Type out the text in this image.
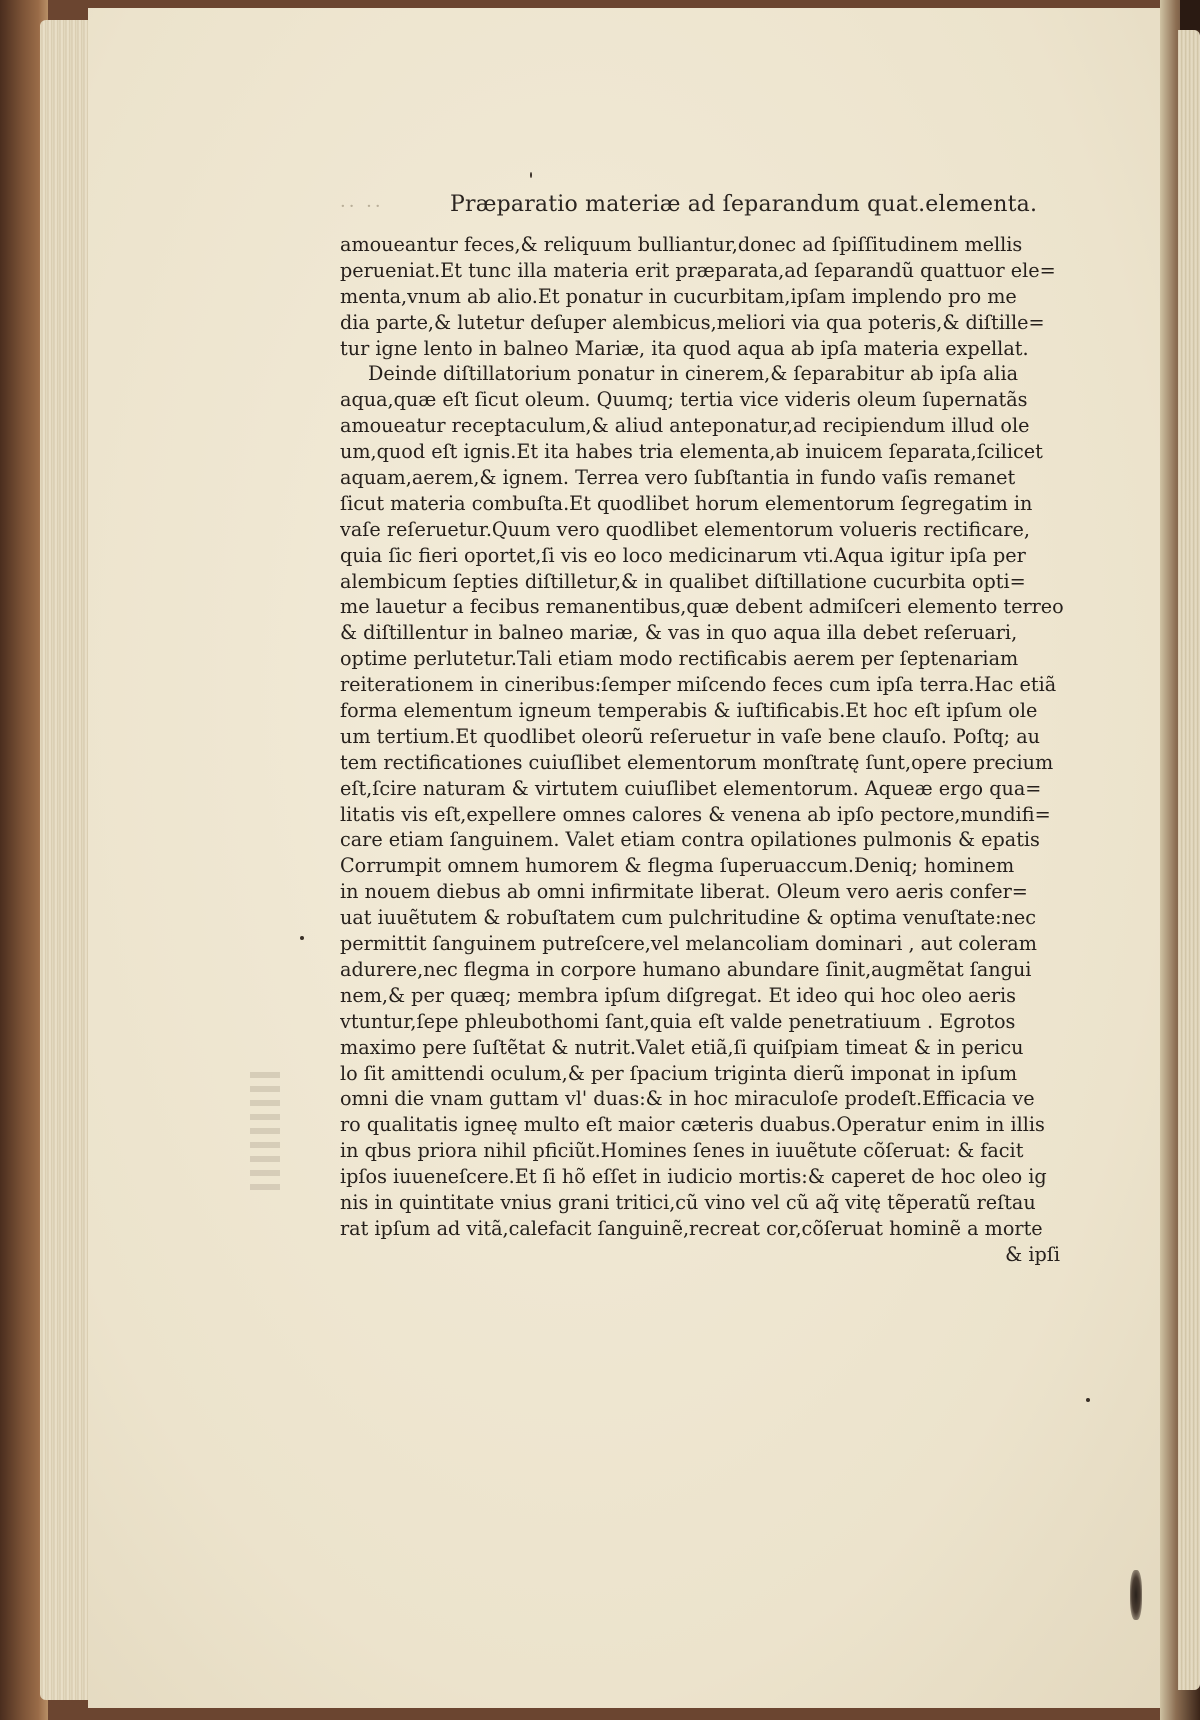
·· ··	Præparatio materiæ ad ſeparandum quat.elementa.
amoueantur feces,& reliquum bulliantur,donec ad ſpiſſitudinem mellis
perueniat.Et tunc illa materia erit præparata,ad ſeparandũ quattuor ele=
menta,vnum ab alio.Et ponatur in cucurbitam,ipſam implendo pro me
dia parte,& lutetur deſuper alembicus,meliori via qua poteris,& diſtille=
tur igne lento in balneo Mariæ, ita quod aqua ab ipſa materia expellat.
Deinde diſtillatorium ponatur in cinerem,& ſeparabitur ab ipſa alia
aqua,quæ eſt ſicut oleum. Quumq; tertia vice videris oleum ſupernatãs
amoueatur receptaculum,& aliud anteponatur,ad recipiendum illud ole
um,quod eſt ignis.Et ita habes tria elementa,ab inuicem ſeparata,ſcilicet
aquam,aerem,& ignem. Terrea vero ſubſtantia in fundo vaſis remanet
ſicut materia combuſta.Et quodlibet horum elementorum ſegregatim in
vaſe reſeruetur.Quum vero quodlibet elementorum volueris rectificare,
quia ſic fieri oportet,ſi vis eo loco medicinarum vti.Aqua igitur ipſa per
alembicum ſepties diſtilletur,& in qualibet diſtillatione cucurbita opti=
me lauetur a fecibus remanentibus,quæ debent admiſceri elemento terreo
& diſtillentur in balneo mariæ, & vas in quo aqua illa debet reſeruari,
optime perlutetur.Tali etiam modo rectificabis aerem per ſeptenariam
reiterationem in cineribus:ſemper miſcendo feces cum ipſa terra.Hac etiã
forma elementum igneum temperabis & iuſtificabis.Et hoc eſt ipſum ole
um tertium.Et quodlibet oleorũ reſeruetur in vaſe bene clauſo. Poſtq; au
tem rectificationes cuiuſlibet elementorum monſtratę ſunt,opere precium
eſt,ſcire naturam & virtutem cuiuſlibet elementorum. Aqueæ ergo qua=
litatis vis eſt,expellere omnes calores & venena ab ipſo pectore,mundifi=
care etiam ſanguinem. Valet etiam contra opilationes pulmonis & epatis
Corrumpit omnem humorem & flegma ſuperuaccum.Deniq; hominem
in nouem diebus ab omni infirmitate liberat. Oleum vero aeris confer=
uat iuuẽtutem & robuſtatem cum pulchritudine & optima venuſtate:nec
permittit ſanguinem putreſcere,vel melancoliam dominari , aut coleram
adurere,nec flegma in corpore humano abundare ſinit,augmẽtat ſangui
nem,& per quæq; membra ipſum diſgregat. Et ideo qui hoc oleo aeris
vtuntur,ſepe phleubothomi ſant,quia eſt valde penetratiuum . Egrotos
maximo pere ſuſtẽtat & nutrit.Valet etiã,ſi quiſpiam timeat & in pericu
lo ſit amittendi oculum,& per ſpacium triginta dierũ imponat in ipſum
omni die vnam guttam vl' duas:& in hoc miraculoſe prodeſt.Efficacia ve
ro qualitatis igneę multo eſt maior cæteris duabus.Operatur enim in illis
in qbus priora nihil pficiũt.Homines ſenes in iuuẽtute cõſeruat: & facit
ipſos iuueneſcere.Et ſi hõ eſſet in iudicio mortis:& caperet de hoc oleo ig
nis in quintitate vnius grani tritici,cũ vino vel cũ aq̃ vitę tẽperatũ reſtau
rat ipſum ad vitã,calefacit ſanguinẽ,recreat cor,cõſeruat hominẽ a morte
& ipſi
